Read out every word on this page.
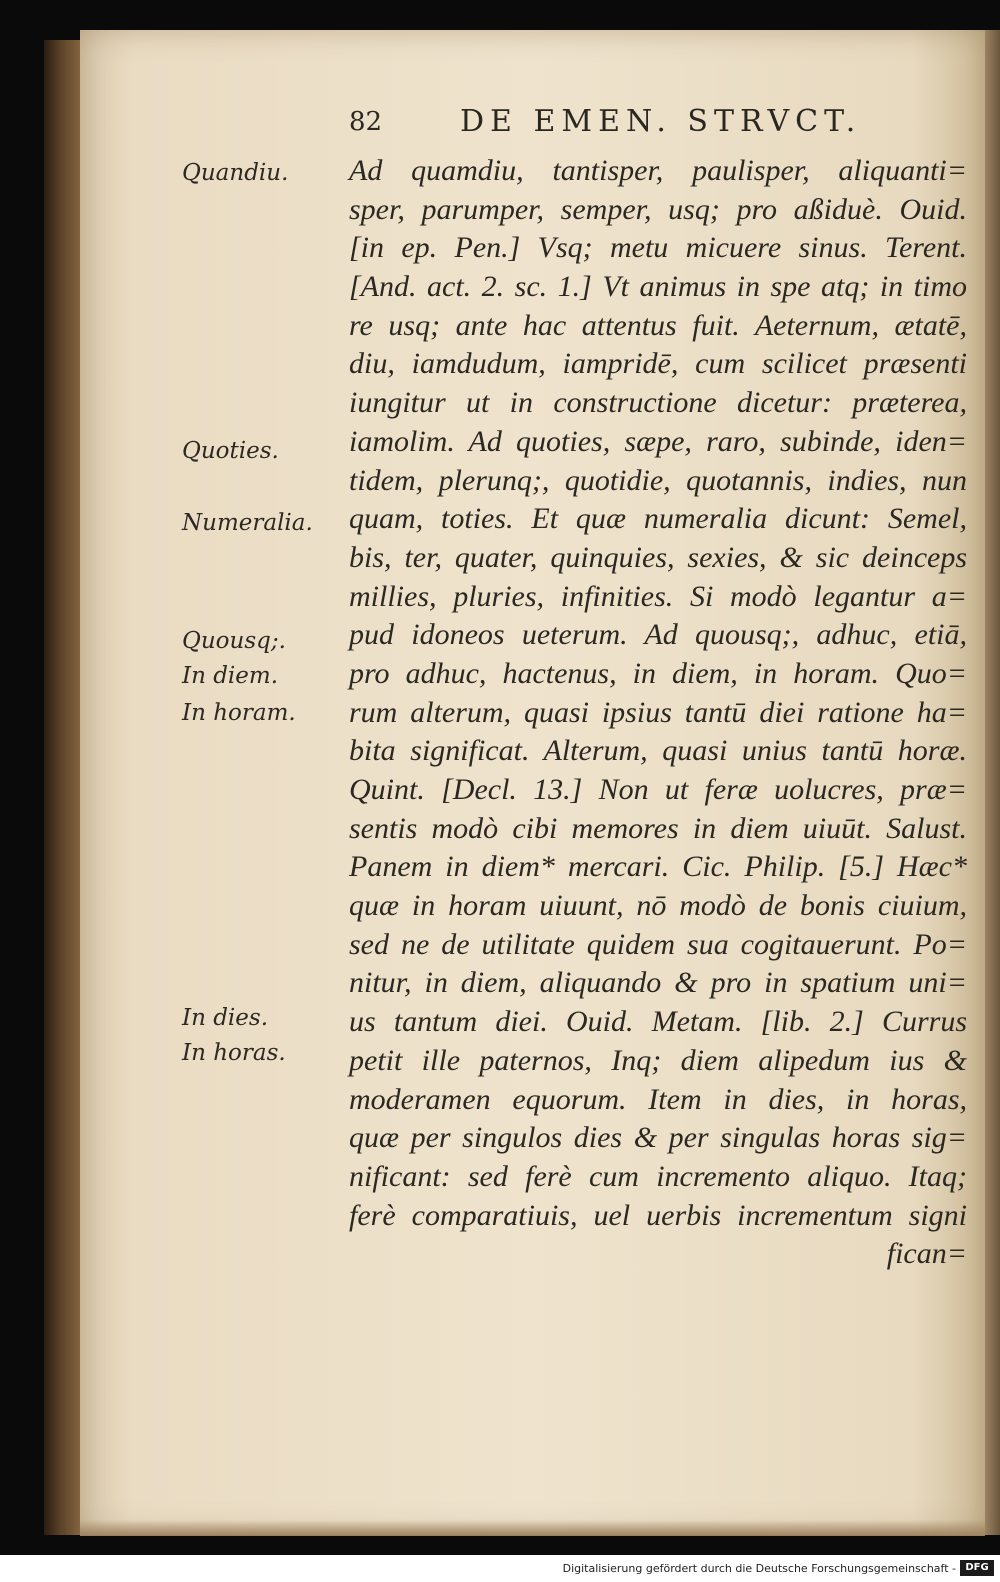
82	DE EMEN. STRVCT.
Quandiu.
Quoties.
Numeralia.
Quousq;.
In diem.
In horam.
In dies.
In horas.
Ad quamdiu, tantisper, paulisper, aliquanti=
sper, parumper, semper, usq; pro aßiduè. Ouid.
[in ep. Pen.] Vsq; metu micuere sinus. Terent.
[And. act. 2. sc. 1.] Vt animus in spe atq; in timo
re usq; ante hac attentus fuit. Aeternum, ætatē,
diu, iamdudum, iampridē, cum scilicet præsenti
iungitur ut in constructione dicetur: præterea,
iamolim. Ad quoties, sæpe, raro, subinde, iden=
tidem, plerunq;, quotidie, quotannis, indies, nun
quam, toties. Et quæ numeralia dicunt: Semel,
bis, ter, quater, quinquies, sexies, & sic deinceps
millies, pluries, infinities. Si modò legantur a=
pud idoneos ueterum. Ad quousq;, adhuc, etiā,
pro adhuc, hactenus, in diem, in horam. Quo=
rum alterum, quasi ipsius tantū diei ratione ha=
bita significat. Alterum, quasi unius tantū horæ.
Quint. [Decl. 13.] Non ut feræ uolucres, præ=
sentis modò cibi memores in diem uiuūt. Salust.
Panem in diem* mercari. Cic. Philip. [5.] Hæc*
quæ in horam uiuunt, nō modò de bonis ciuium,
sed ne de utilitate quidem sua cogitauerunt. Po=
nitur, in diem, aliquando & pro in spatium uni=
us tantum diei. Ouid. Metam. [lib. 2.] Currus
petit ille paternos, Inq; diem alipedum ius &
moderamen equorum. Item in dies, in horas,
quæ per singulos dies & per singulas horas sig=
nificant: sed ferè cum incremento aliquo. Itaq;
ferè comparatiuis, uel uerbis incrementum signi
fican=
Digitalisierung gefördert durch die Deutsche Forschungsgemeinschaft - DFG
